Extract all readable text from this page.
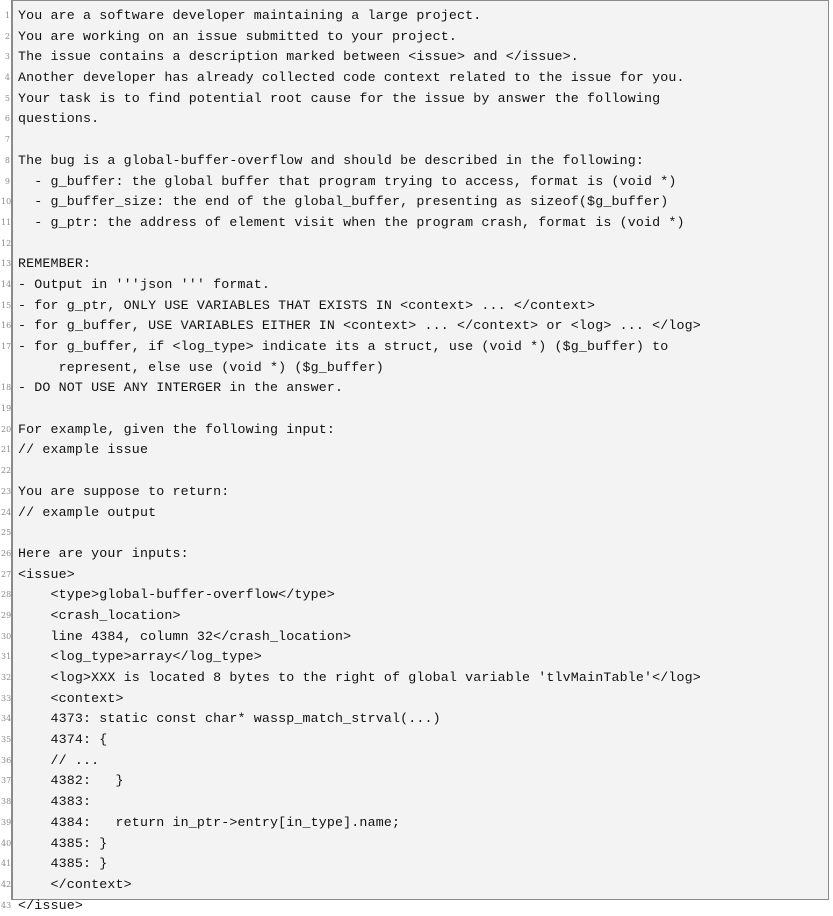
1 You are a software developer maintaining a large project.
2 You are working on an issue submitted to your project.
3 The issue contains a description marked between <issue> and </issue>.
4 Another developer has already collected code context related to the issue for you.
5 Your task is to find potential root cause for the issue by answer the following
6 questions.
7
8 The bug is a global-buffer-overflow and should be described in the following:
9 - g_buffer: the global buffer that program trying to access, format is (void *)
10 - g_buffer_size: the end of the global_buffer, presenting as sizeof($g_buffer)
11 - g_ptr: the address of element visit when the program crash, format is (void *)
12
13 REMEMBER:
14 - Output in '''json ''' format.
15 - for g_ptr, ONLY USE VARIABLES THAT EXISTS IN <context> ... </context>
16 - for g_buffer, USE VARIABLES EITHER IN <context> ... </context> or <log> ... </log>
17 - for g_buffer, if <log_type> indicate its a struct, use (void *) ($g_buffer) to
represent, else use (void *) ($g_buffer)
18 - DO NOT USE ANY INTERGER in the answer.
19
20 For example, given the following input:
21 // example issue
22
23 You are suppose to return:
24 // example output
25
26 Here are your inputs:
27 <issue>
28 <type>global-buffer-overflow</type>
29 <crash_location>
30 line 4384, column 32</crash_location>
31 <log_type>array</log_type>
32 <log>XXX is located 8 bytes to the right of global variable 'tlvMainTable'</log>
33 <context>
34 4373: static const char* wassp_match_strval(...)
35 4374: {
36 // ...
37 4382:   }
38 4383:
39 4384:   return in_ptr->entry[in_type].name;
40 4385: }
41 4385: }
42 </context>
43 </issue>
